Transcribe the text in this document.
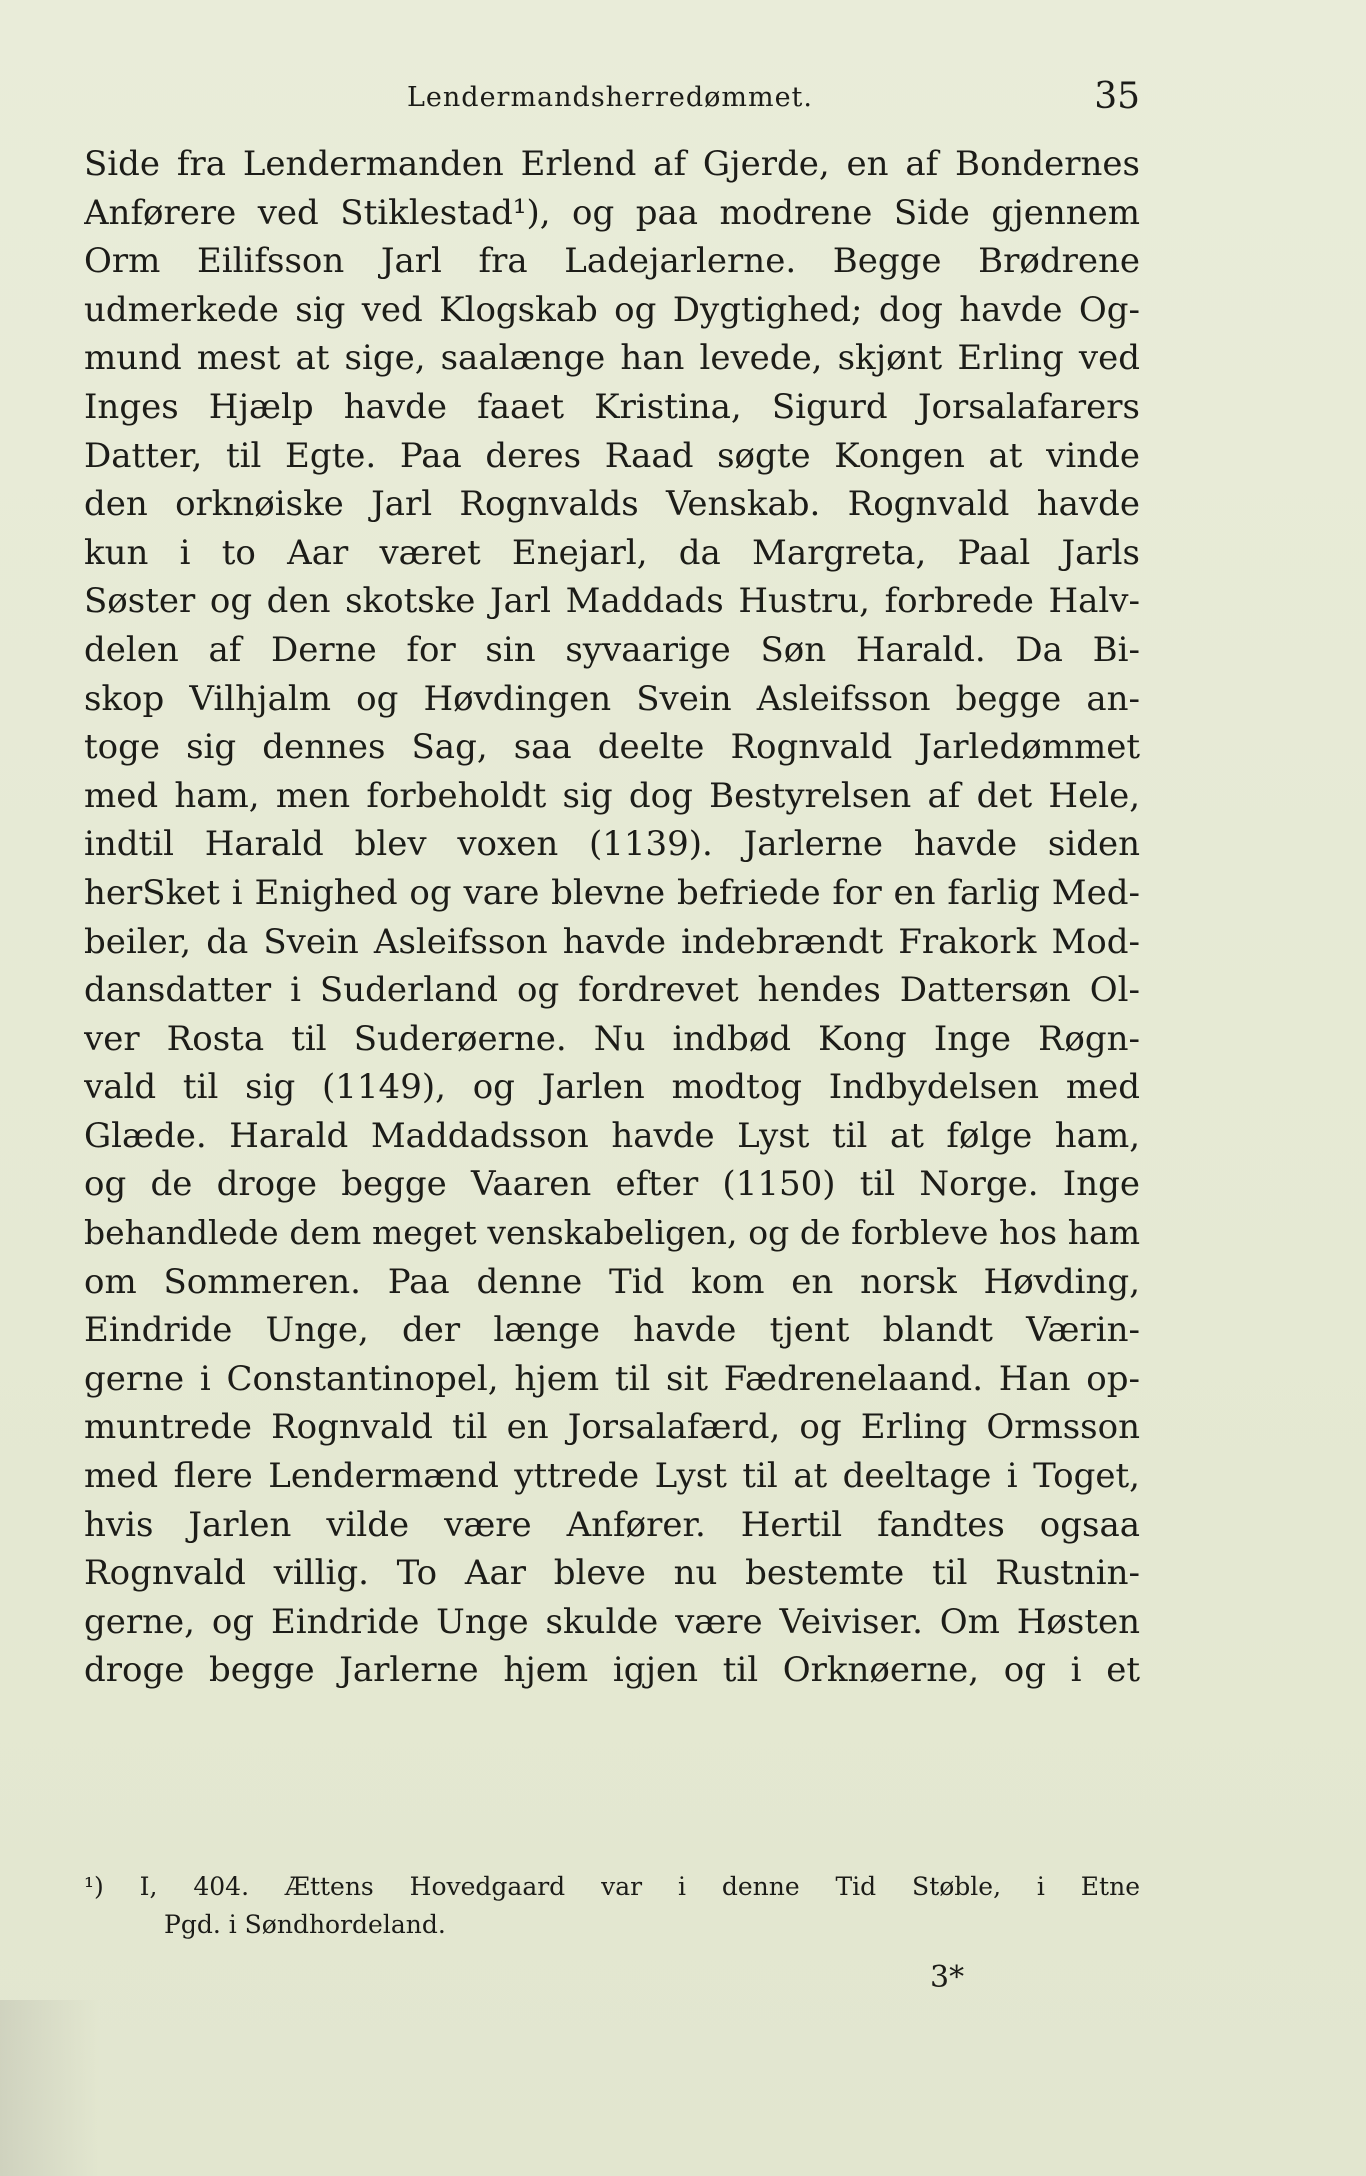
Lendermandsherredømmet.	35
Side fra Lendermanden Erlend af Gjerde, en af Bondernes
Anførere ved Stiklestad¹), og paa modrene Side gjennem
Orm Eilifsson Jarl fra Ladejarlerne. Begge Brødrene
udmerkede sig ved Klogskab og Dygtighed; dog havde Og-
mund mest at sige, saalænge han levede, skjønt Erling ved
Inges Hjælp havde faaet Kristina, Sigurd Jorsalafarers
Datter, til Egte. Paa deres Raad søgte Kongen at vinde
den orknøiske Jarl Rognvalds Venskab. Rognvald havde
kun i to Aar været Enejarl, da Margreta, Paal Jarls
Søster og den skotske Jarl Maddads Hustru, forbrede Halv-
delen af Derne for sin syvaarige Søn Harald. Da Bi-
skop Vilhjalm og Høvdingen Svein Asleifsson begge an-
toge sig dennes Sag, saa deelte Rognvald Jarledømmet
med ham, men forbeholdt sig dog Bestyrelsen af det Hele,
indtil Harald blev voxen (1139). Jarlerne havde siden
herSket i Enighed og vare blevne befriede for en farlig Med-
beiler, da Svein Asleifsson havde indebrændt Frakork Mod-
dansdatter i Suderland og fordrevet hendes Dattersøn Ol-
ver Rosta til Suderøerne. Nu indbød Kong Inge Røgn-
vald til sig (1149), og Jarlen modtog Indbydelsen med
Glæde. Harald Maddadsson havde Lyst til at følge ham,
og de droge begge Vaaren efter (1150) til Norge. Inge
behandlede dem meget venskabeligen, og de forbleve hos ham
om Sommeren. Paa denne Tid kom en norsk Høvding,
Eindride Unge, der længe havde tjent blandt Værin-
gerne i Constantinopel, hjem til sit Fædrenelaand. Han op-
muntrede Rognvald til en Jorsalafærd, og Erling Ormsson
med flere Lendermænd yttrede Lyst til at deeltage i Toget,
hvis Jarlen vilde være Anfører. Hertil fandtes ogsaa
Rognvald villig. To Aar bleve nu bestemte til Rustnin-
gerne, og Eindride Unge skulde være Veiviser. Om Høsten
droge begge Jarlerne hjem igjen til Orknøerne, og i et
¹) I, 404. Ættens Hovedgaard var i denne Tid Støble, i Etne
Pgd. i Søndhordeland.
3*
